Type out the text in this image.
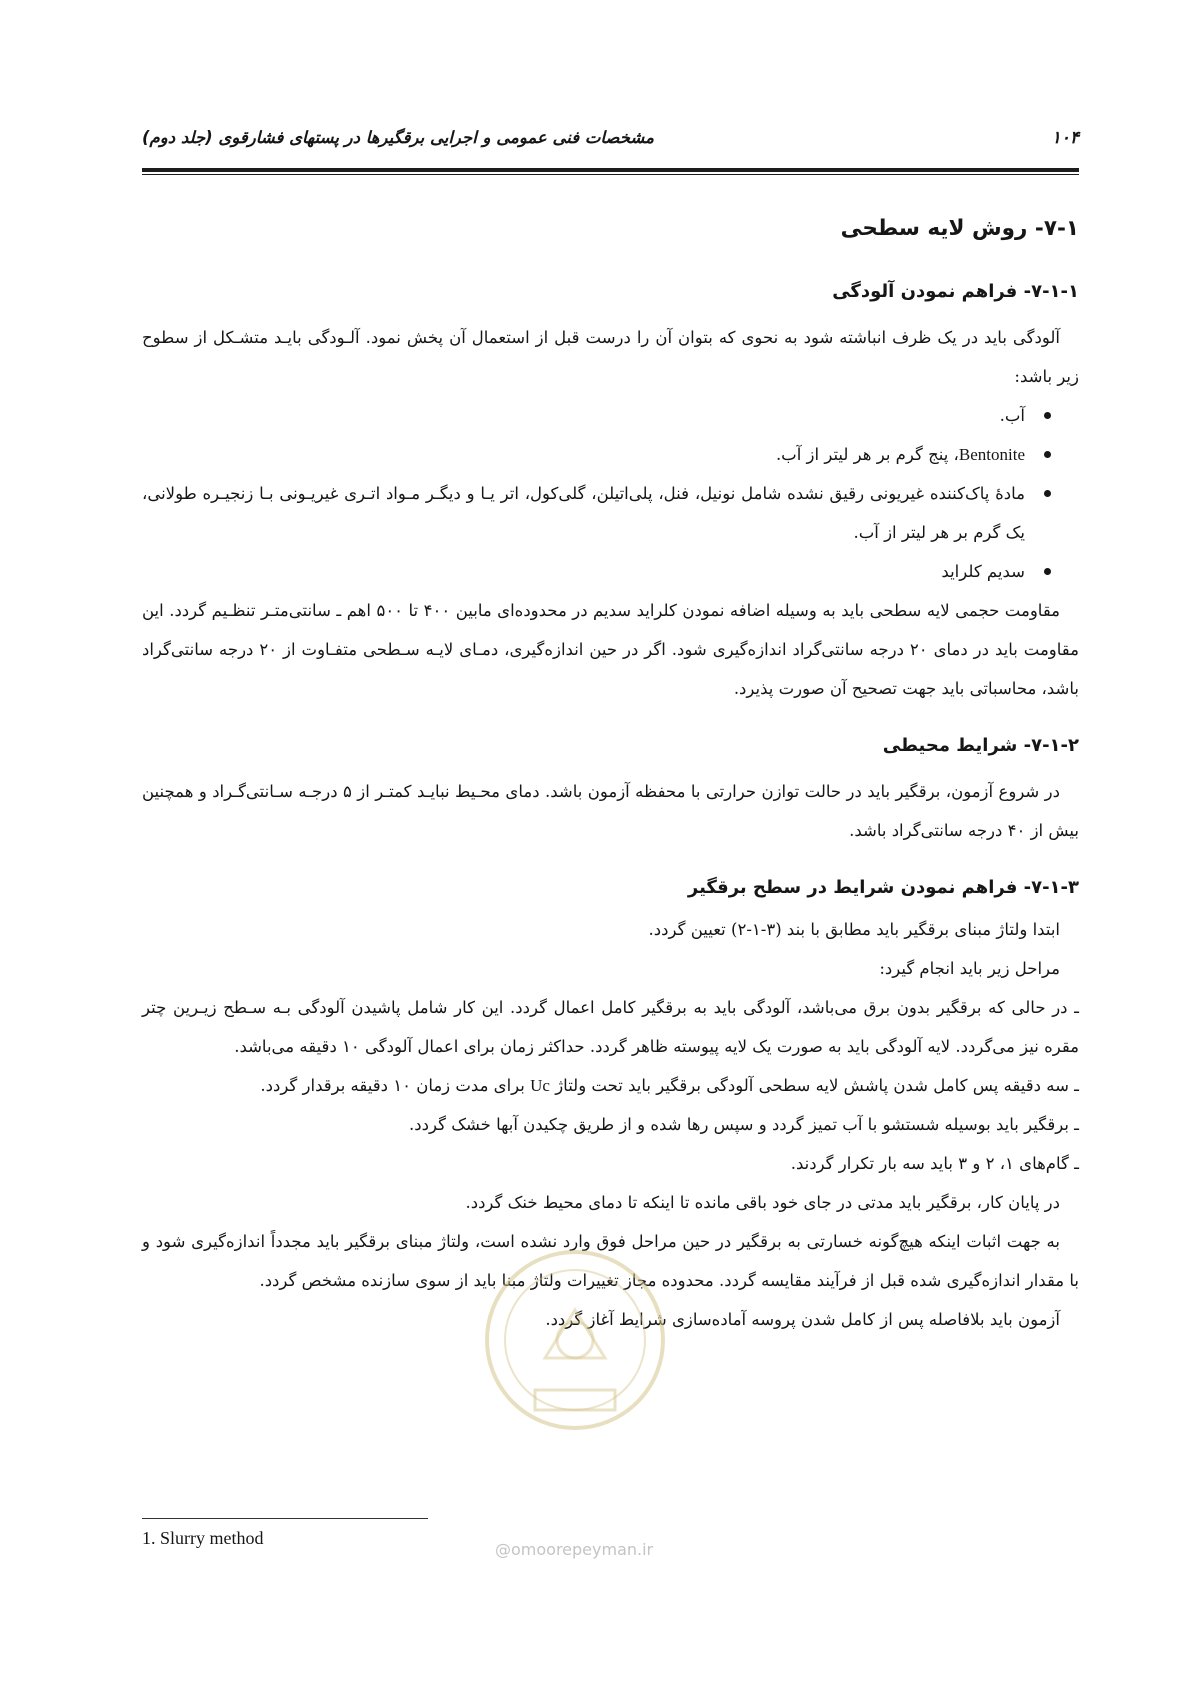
مشخصات فنی عمومی و اجرایی برقگیرها در پستهای فشارقوی (جلد دوم)	۱۰۴
۷-۱- روش لایه سطحی
۷-۱-۱- فراهم نمودن آلودگی

آلودگی باید در یک ظرف انباشته شود به نحوی که بتوان آن را درست قبل از استعمال آن پخش نمود. آلـودگی بایـد متشـکل از سطوح زیر باشد:

آب.
Bentonite، پنج گرم بر هر لیتر از آب.
مادهٔ پاک‌کننده غیریونی رقیق نشده شامل نونیل، فنل، پلی‌اتیلن، گلی‌کول، اتر یـا و دیگـر مـواد اتـری غیریـونی بـا زنجیـره طولانی، یک گرم بر هر لیتر از آب.
سدیم کلراید

مقاومت حجمی لایه سطحی باید به وسیله اضافه نمودن کلراید سدیم در محدوده‌ای مابین ۴۰۰ تا ۵۰۰ اهم ـ سانتی‌متـر تنظـیم گردد. این مقاومت باید در دمای ۲۰ درجه سانتی‌گراد اندازه‌گیری شود. اگر در حین اندازه‌گیری، دمـای لایـه سـطحی متفـاوت از ۲۰ درجه سانتی‌گراد باشد، محاسباتی باید جهت تصحیح آن صورت پذیرد.

۷-۱-۲- شرایط محیطی

در شروع آزمون، برقگیر باید در حالت توازن حرارتی با محفظه آزمون باشد. دمای محـیط نبایـد کمتـر از ۵ درجـه سـانتی‌گـراد و همچنین بیش از ۴۰ درجه سانتی‌گراد باشد.

۷-۱-۳- فراهم نمودن شرایط در سطح برقگیر

ابتدا ولتاژ مبنای برقگیر باید مطابق با بند (۳-۱-۲) تعیین گردد.

مراحل زیر باید انجام گیرد:

ـ در حالی که برقگیر بدون برق می‌باشد، آلودگی باید به برقگیر کامل اعمال گردد. این کار شامل پاشیدن آلودگی بـه سـطح زیـرین چتر مقره نیز می‌گردد. لایه آلودگی باید به صورت یک لایه پیوسته ظاهر گردد. حداکثر زمان برای اعمال آلودگی ۱۰ دقیقه می‌باشد.

ـ سه دقیقه پس کامل شدن پاشش لایه سطحی آلودگی برقگیر باید تحت ولتاژ Uc برای مدت زمان ۱۰ دقیقه برقدار گردد.

ـ برقگیر باید بوسیله شستشو با آب تمیز گردد و سپس رها شده و از طریق چکیدن آبها خشک گردد.

ـ گام‌های ۱، ۲ و ۳ باید سه بار تکرار گردند.

در پایان کار، برقگیر باید مدتی در جای خود باقی مانده تا اینکه تا دمای محیط خنک گردد.

به جهت اثبات اینکه هیچ‌گونه خسارتی به برقگیر در حین مراحل فوق وارد نشده است، ولتاژ مبنای برقگیر باید مجدداً اندازه‌گیری شود و با مقدار اندازه‌گیری شده قبل از فرآیند مقایسه گردد. محدوده مجاز تغییرات ولتاژ مبنا باید از سوی سازنده مشخص گردد.

آزمون باید بلافاصله پس از کامل شدن پروسه آماده‌سازی شرایط آغاز گردد.

@omoorepeyman.ir
1. Slurry method
